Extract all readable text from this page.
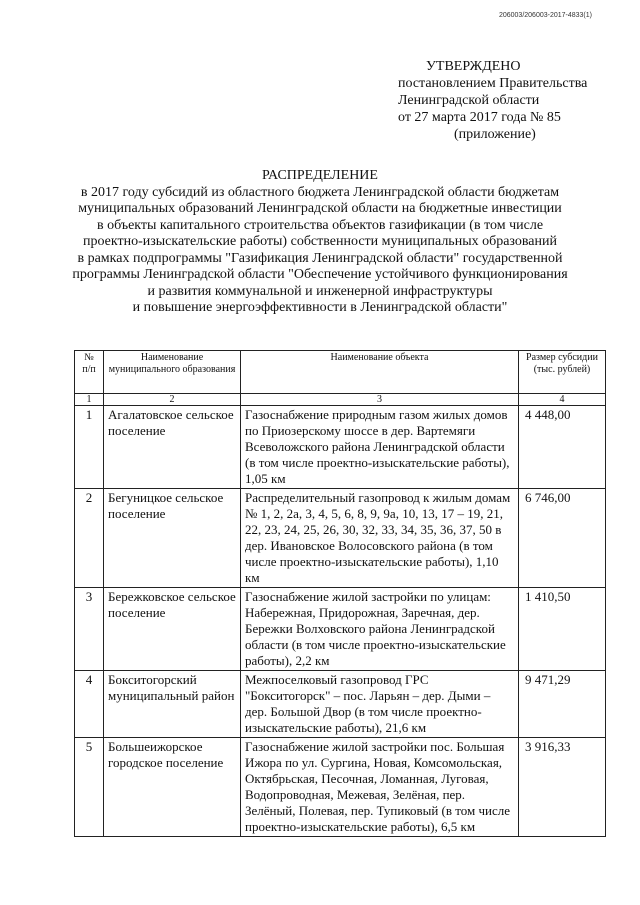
206003/206003-2017-4833(1)
УТВЕРЖДЕНО
постановлением Правительства
Ленинградской области
от 27 марта 2017 года № 85
(приложение)
РАСПРЕДЕЛЕНИЕ
в 2017 году субсидий из областного бюджета Ленинградской области бюджетам
муниципальных образований Ленинградской области на бюджетные инвестиции
в объекты капитального строительства объектов газификации (в том числе
проектно-изыскательские работы) собственности муниципальных образований
в рамках подпрограммы "Газификация Ленинградской области" государственной
программы Ленинградской области "Обеспечение устойчивого функционирования
и развития коммунальной и инженерной инфраструктуры
и повышение энергоэффективности в Ленинградской области"
№ п/п	Наименование муниципального образования	Наименование объекта	Размер субсидии (тыс. рублей)
1	2	3	4
1	Агалатовское сельское поселение	Газоснабжение природным газом жилых домов по Приозерскому шоссе в дер. Вартемяги Всеволожского района Ленинградской области (в том числе проектно-изыскательские работы), 1,05 км	4 448,00
2	Бегуницкое сельское поселение	Распределительный газопровод к жилым домам № 1, 2, 2а, 3, 4, 5, 6, 8, 9, 9а, 10, 13, 17 – 19, 21, 22, 23, 24, 25, 26, 30, 32, 33, 34, 35, 36, 37, 50 в дер. Ивановское Волосовского района (в том числе проектно-изыскательские работы), 1,10 км	6 746,00
3	Бережковское сельское поселение	Газоснабжение жилой застройки по улицам: Набережная, Придорожная, Заречная, дер. Бережки Волховского района Ленинградской области (в том числе проектно-изыскательские работы), 2,2 км	1 410,50
4	Бокситогорский муниципальный район	Межпоселковый газопровод ГРС "Бокситогорск" – пос. Ларьян – дер. Дыми – дер. Большой Двор (в том числе проектно-изыскательские работы), 21,6 км	9 471,29
5	Большеижорское городское поселение	Газоснабжение жилой застройки пос. Большая Ижора по ул. Сургина, Новая, Комсомольская, Октябрьская, Песочная, Ломанная, Луговая, Водопроводная, Межевая, Зелёная, пер. Зелёный, Полевая, пер. Тупиковый (в том числе проектно-изыскательские работы), 6,5 км	3 916,33
